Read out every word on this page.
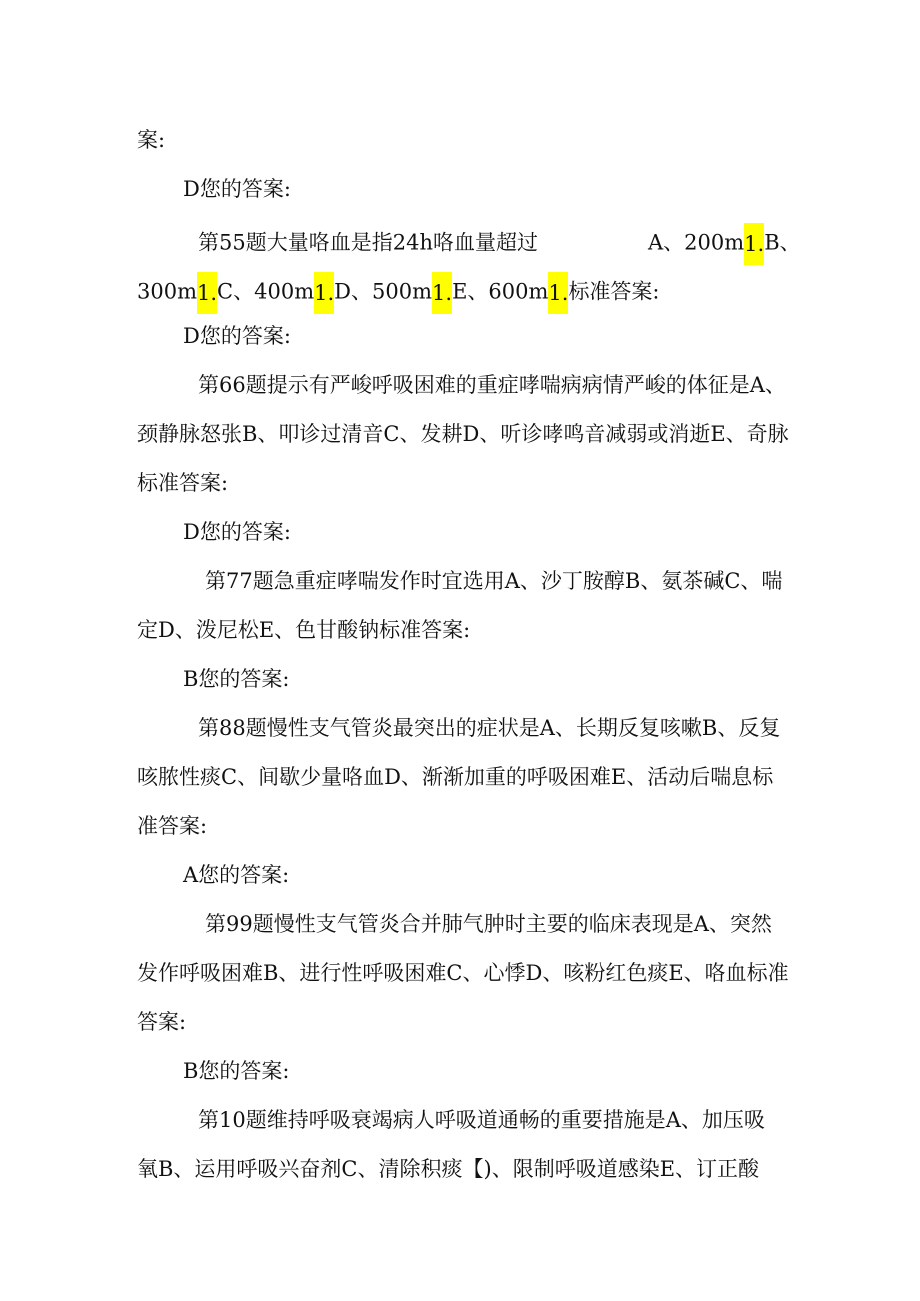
案:
D您的答案:
第55题大量咯血是指24h咯血量超过	A、200m1.B、
300m1.C、400m1.D、500m1.E、600m1.标准答案:
D您的答案:
第66题提示有严峻呼吸困难的重症哮喘病病情严峻的体征是A、
颈静脉怒张B、叩诊过清音C、发耕D、听诊哮鸣音减弱或消逝E、奇脉
标准答案:
D您的答案:
第77题急重症哮喘发作时宜选用A、沙丁胺醇B、氨茶碱C、喘
定D、泼尼松E、色甘酸钠标准答案:
B您的答案:
第88题慢性支气管炎最突出的症状是A、长期反复咳嗽B、反复
咳脓性痰C、间歇少量咯血D、渐渐加重的呼吸困难E、活动后喘息标
准答案:
A您的答案:
第99题慢性支气管炎合并肺气肿时主要的临床表现是A、突然
发作呼吸困难B、进行性呼吸困难C、心悸D、咳粉红色痰E、咯血标准
答案:
B您的答案:
第10题维持呼吸衰竭病人呼吸道通畅的重要措施是A、加压吸
氧B、运用呼吸兴奋剂C、清除积痰【)、限制呼吸道感染E、订正酸
